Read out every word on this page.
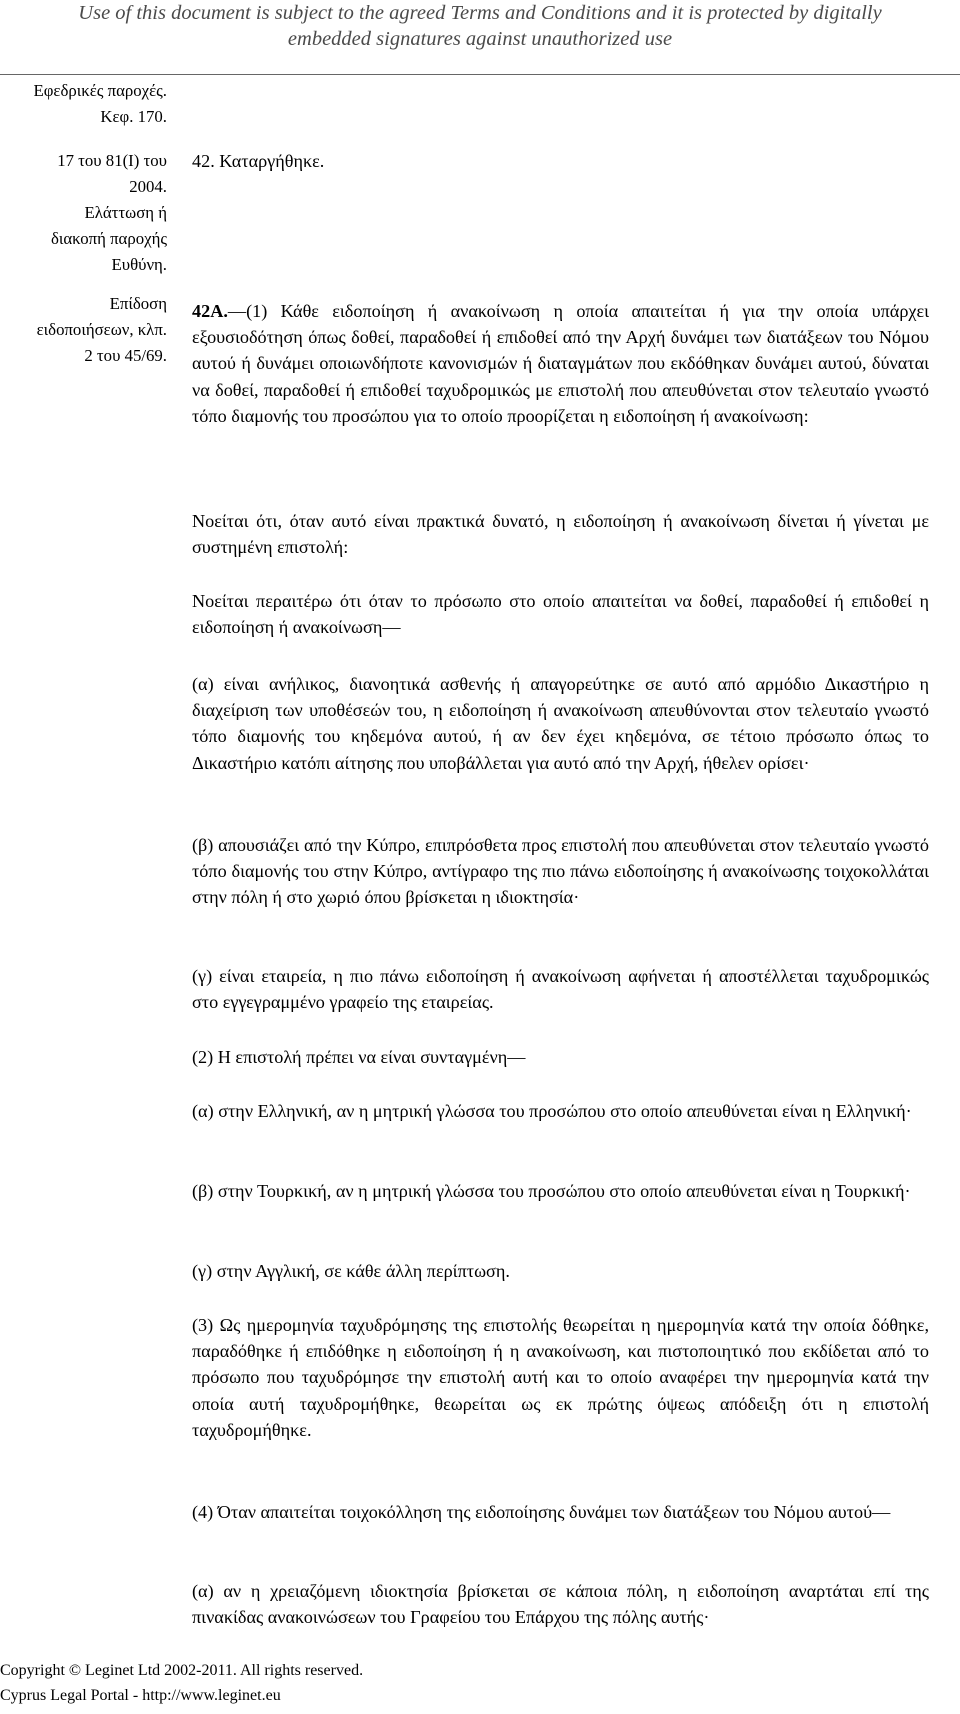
Use of this document is subject to the agreed Terms and Conditions and it is protected by digitally
embedded signatures against unauthorized use
Εφεδρικές παροχές.
Κεφ. 170.
17 του 81(Ι) του
2004.
Ελάττωση ή
διακοπή παροχής
Ευθύνη.
Επίδοση
ειδοποιήσεων, κλπ.
2 του 45/69.

42. Καταργήθηκε.

42Α.—(1) Κάθε ειδοποίηση ή ανακοίνωση η οποία απαιτείται ή για την οποία υπάρχει εξουσιοδότηση όπως δοθεί, παραδοθεί ή επιδοθεί από την Αρχή δυνάμει των διατάξεων του Νόμου αυτού ή δυνάμει οποιωνδήποτε κανονισμών ή διαταγμάτων που εκδόθηκαν δυνάμει αυτού, δύναται να δοθεί, παραδοθεί ή επιδοθεί ταχυδρομικώς με επιστολή που απευθύνεται στον τελευταίο γνωστό τόπο διαμονής του προσώπου για το οποίο προορίζεται η ειδοποίηση ή ανακοίνωση:

Νοείται ότι, όταν αυτό είναι πρακτικά δυνατό, η ειδοποίηση ή ανακοίνωση δίνεται ή γίνεται με συστημένη επιστολή:

Νοείται περαιτέρω ότι όταν το πρόσωπο στο οποίο απαιτείται να δοθεί, παραδοθεί ή επιδοθεί η ειδοποίηση ή ανακοίνωση—

(α) είναι ανήλικος, διανοητικά ασθενής ή απαγορεύτηκε σε αυτό από αρμόδιο Δικαστήριο η διαχείριση των υποθέσεών του, η ειδοποίηση ή ανακοίνωση απευθύνονται στον τελευταίο γνωστό τόπο διαμονής του κηδεμόνα αυτού, ή αν δεν έχει κηδεμόνα, σε τέτοιο πρόσωπο όπως το Δικαστήριο κατόπι αίτησης που υποβάλλεται για αυτό από την Αρχή, ήθελεν ορίσει·

(β) απουσιάζει από την Κύπρο, επιπρόσθετα προς επιστολή που απευθύνεται στον τελευταίο γνωστό τόπο διαμονής του στην Κύπρο, αντίγραφο της πιο πάνω ειδοποίησης ή ανακοίνωσης τοιχοκολλάται στην πόλη ή στο χωριό όπου βρίσκεται η ιδιοκτησία·

(γ) είναι εταιρεία, η πιο πάνω ειδοποίηση ή ανακοίνωση αφήνεται ή αποστέλλεται ταχυδρομικώς στο εγγεγραμμένο γραφείο της εταιρείας.

(2) Η επιστολή πρέπει να είναι συνταγμένη—

(α) στην Ελληνική, αν η μητρική γλώσσα του προσώπου στο οποίο απευθύνεται είναι η Ελληνική·

(β) στην Τουρκική, αν η μητρική γλώσσα του προσώπου στο οποίο απευθύνεται είναι η Τουρκική·

(γ) στην Αγγλική, σε κάθε άλλη περίπτωση.

(3) Ως ημερομηνία ταχυδρόμησης της επιστολής θεωρείται η ημερομηνία κατά την οποία δόθηκε, παραδόθηκε ή επιδόθηκε η ειδοποίηση ή η ανακοίνωση, και πιστοποιητικό που εκδίδεται από το πρόσωπο που ταχυδρόμησε την επιστολή αυτή και το οποίο αναφέρει την ημερομηνία κατά την οποία αυτή ταχυδρομήθηκε, θεωρείται ως εκ πρώτης όψεως απόδειξη ότι η επιστολή ταχυδρομήθηκε.

(4) Όταν απαιτείται τοιχοκόλληση της ειδοποίησης δυνάμει των διατάξεων του Νόμου αυτού—

(α) αν η χρειαζόμενη ιδιοκτησία βρίσκεται σε κάποια πόλη, η ειδοποίηση αναρτάται επί της πινακίδας ανακοινώσεων του Γραφείου του Επάρχου της πόλης αυτής·

Copyright © Leginet Ltd 2002-2011. All rights reserved.
Cyprus Legal Portal - http://www.leginet.eu
